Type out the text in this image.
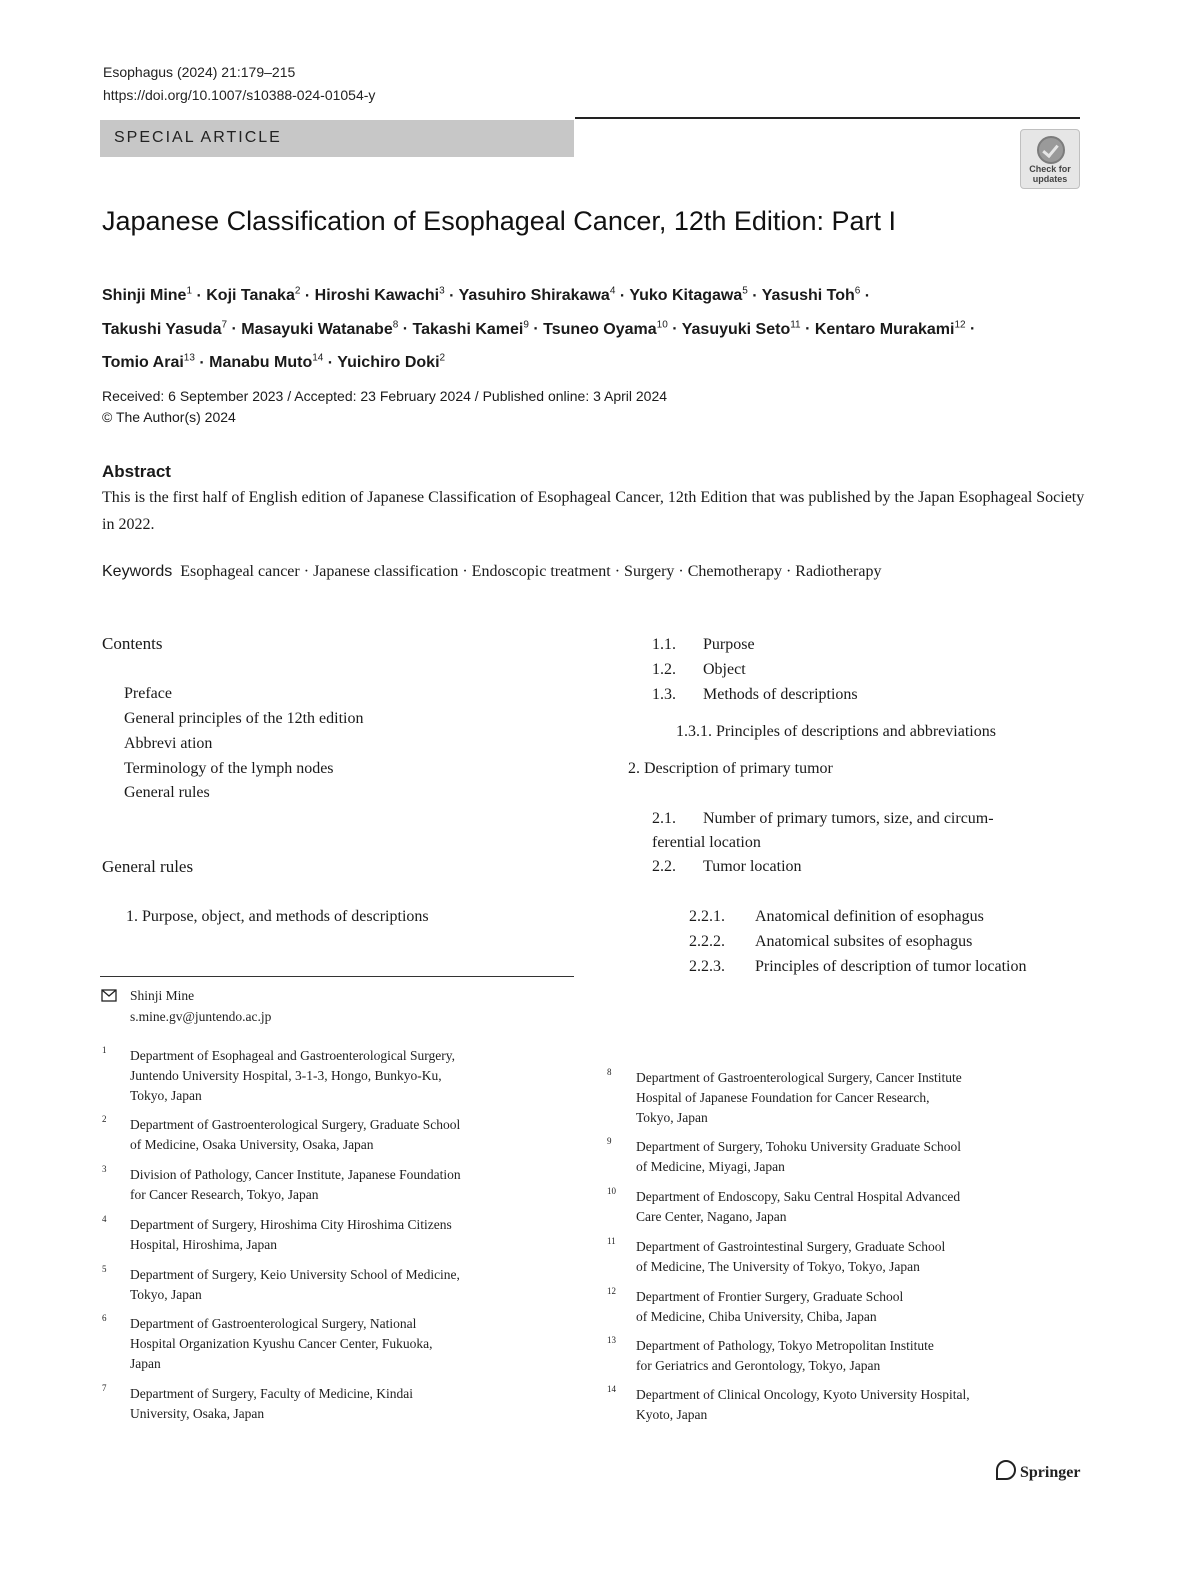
Esophagus (2024) 21:179–215
https://doi.org/10.1007/s10388-024-01054-y
SPECIAL ARTICLE
Check for updates
Japanese Classification of Esophageal Cancer, 12th Edition: Part I
Shinji Mine$^1$ · Koji Tanaka$^2$ · Hiroshi Kawachi$^3$ · Yasuhiro Shirakawa$^4$ · Yuko Kitagawa$^5$ · Yasushi Toh$^6$ ·
Takushi Yasuda$^7$ · Masayuki Watanabe$^8$ · Takashi Kamei$^9$ · Tsuneo Oyama$^{10}$ · Yasuyuki Seto$^{11}$ · Kentaro Murakami$^{12}$ ·
Tomio Arai$^{13}$ · Manabu Muto$^{14}$ · Yuichiro Doki$^2$
Received: 6 September 2023 / Accepted: 23 February 2024 / Published online: 3 April 2024
© The Author(s) 2024
Abstract
This is the first half of English edition of Japanese Classification of Esophageal Cancer, 12th Edition that was published by the Japan Esophageal Society in 2022.
Keywords Esophageal cancer · Japanese classification · Endoscopic treatment · Surgery · Chemotherapy · Radiotherapy
Contents
Preface
General principles of the 12th edition
Abbrevi ation
Terminology of the lymph nodes
General rules
General rules
1. Purpose, object, and methods of descriptions
1.1. Purpose
1.2. Object
1.3. Methods of descriptions
1.3.1. Principles of descriptions and abbreviations
2. Description of primary tumor
2.1. Number of primary tumors, size, and circum-
ferential location
2.2. Tumor location
2.2.1. Anatomical definition of esophagus
2.2.2. Anatomical subsites of esophagus
2.2.3. Principles of description of tumor location
Shinji Mine
s.mine.gv@juntendo.ac.jp
1 Department of Esophageal and Gastroenterological Surgery,
Juntendo University Hospital, 3-1-3, Hongo, Bunkyo-Ku,
Tokyo, Japan
2 Department of Gastroenterological Surgery, Graduate School
of Medicine, Osaka University, Osaka, Japan
3 Division of Pathology, Cancer Institute, Japanese Foundation
for Cancer Research, Tokyo, Japan
4 Department of Surgery, Hiroshima City Hiroshima Citizens
Hospital, Hiroshima, Japan
5 Department of Surgery, Keio University School of Medicine,
Tokyo, Japan
6 Department of Gastroenterological Surgery, National
Hospital Organization Kyushu Cancer Center, Fukuoka,
Japan
7 Department of Surgery, Faculty of Medicine, Kindai
University, Osaka, Japan
8 Department of Gastroenterological Surgery, Cancer Institute
Hospital of Japanese Foundation for Cancer Research,
Tokyo, Japan
9 Department of Surgery, Tohoku University Graduate School
of Medicine, Miyagi, Japan
10 Department of Endoscopy, Saku Central Hospital Advanced
Care Center, Nagano, Japan
11 Department of Gastrointestinal Surgery, Graduate School
of Medicine, The University of Tokyo, Tokyo, Japan
12 Department of Frontier Surgery, Graduate School
of Medicine, Chiba University, Chiba, Japan
13 Department of Pathology, Tokyo Metropolitan Institute
for Geriatrics and Gerontology, Tokyo, Japan
14 Department of Clinical Oncology, Kyoto University Hospital,
Kyoto, Japan
Springer
